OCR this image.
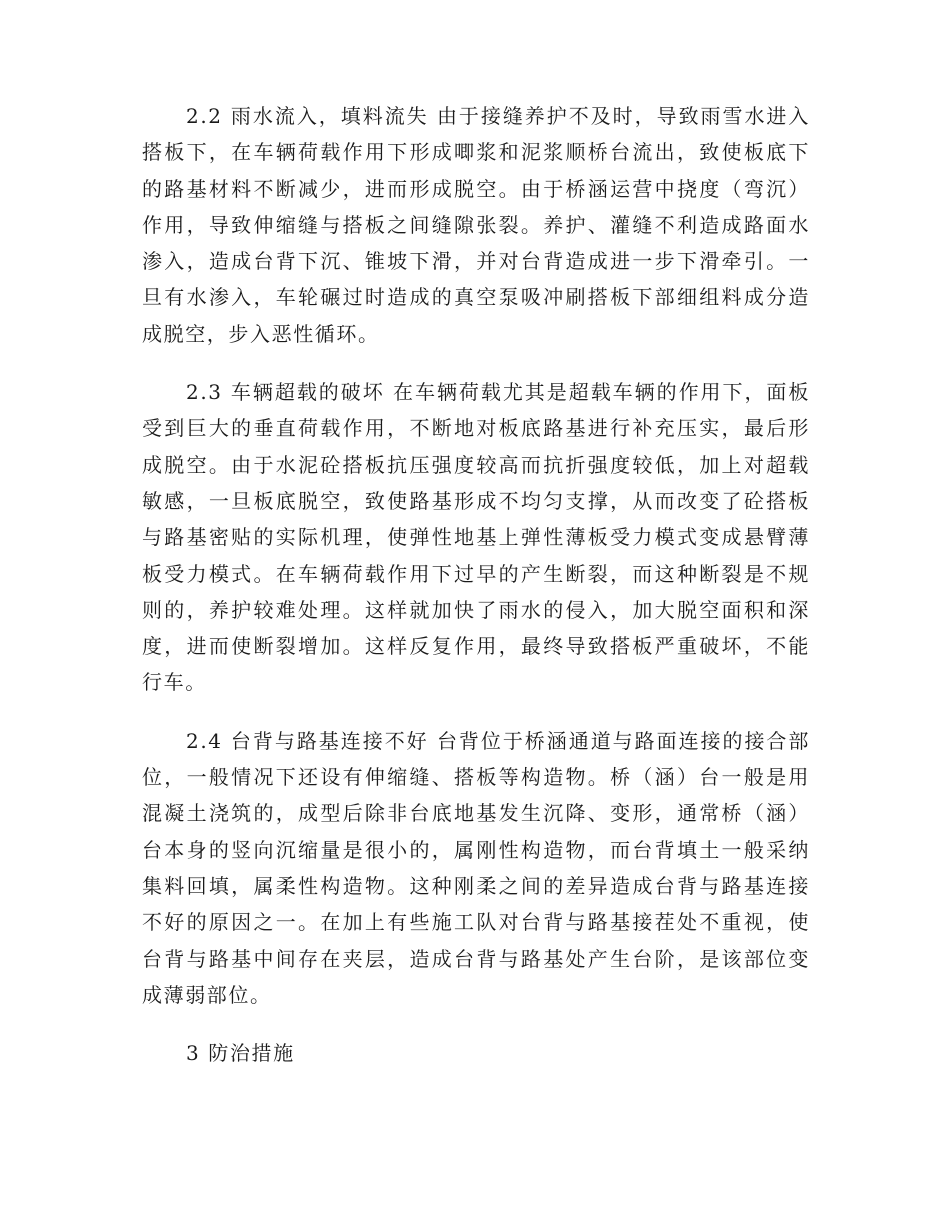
2.2 雨水流入，填料流失 由于接缝养护不及时，导致雨雪水进入搭板下，在车辆荷载作用下形成唧浆和泥浆顺桥台流出，致使板底下的路基材料不断减少，进而形成脱空。由于桥涵运营中挠度（弯沉）作用，导致伸缩缝与搭板之间缝隙张裂。养护、灌缝不利造成路面水渗入，造成台背下沉、锥坡下滑，并对台背造成进一步下滑牵引。一旦有水渗入，车轮碾过时造成的真空泵吸冲刷搭板下部细组料成分造成脱空，步入恶性循环。

2.3 车辆超载的破坏 在车辆荷载尤其是超载车辆的作用下，面板受到巨大的垂直荷载作用，不断地对板底路基进行补充压实，最后形成脱空。由于水泥砼搭板抗压强度较高而抗折强度较低，加上对超载敏感，一旦板底脱空，致使路基形成不均匀支撑，从而改变了砼搭板与路基密贴的实际机理，使弹性地基上弹性薄板受力模式变成悬臂薄板受力模式。在车辆荷载作用下过早的产生断裂，而这种断裂是不规则的，养护较难处理。这样就加快了雨水的侵入，加大脱空面积和深度，进而使断裂增加。这样反复作用，最终导致搭板严重破坏，不能行车。

2.4 台背与路基连接不好 台背位于桥涵通道与路面连接的接合部位，一般情况下还设有伸缩缝、搭板等构造物。桥（涵）台一般是用混凝土浇筑的，成型后除非台底地基发生沉降、变形，通常桥（涵）台本身的竖向沉缩量是很小的，属刚性构造物，而台背填土一般采纳集料回填，属柔性构造物。这种刚柔之间的差异造成台背与路基连接不好的原因之一。在加上有些施工队对台背与路基接茬处不重视，使台背与路基中间存在夹层，造成台背与路基处产生台阶，是该部位变成薄弱部位。

3 防治措施
